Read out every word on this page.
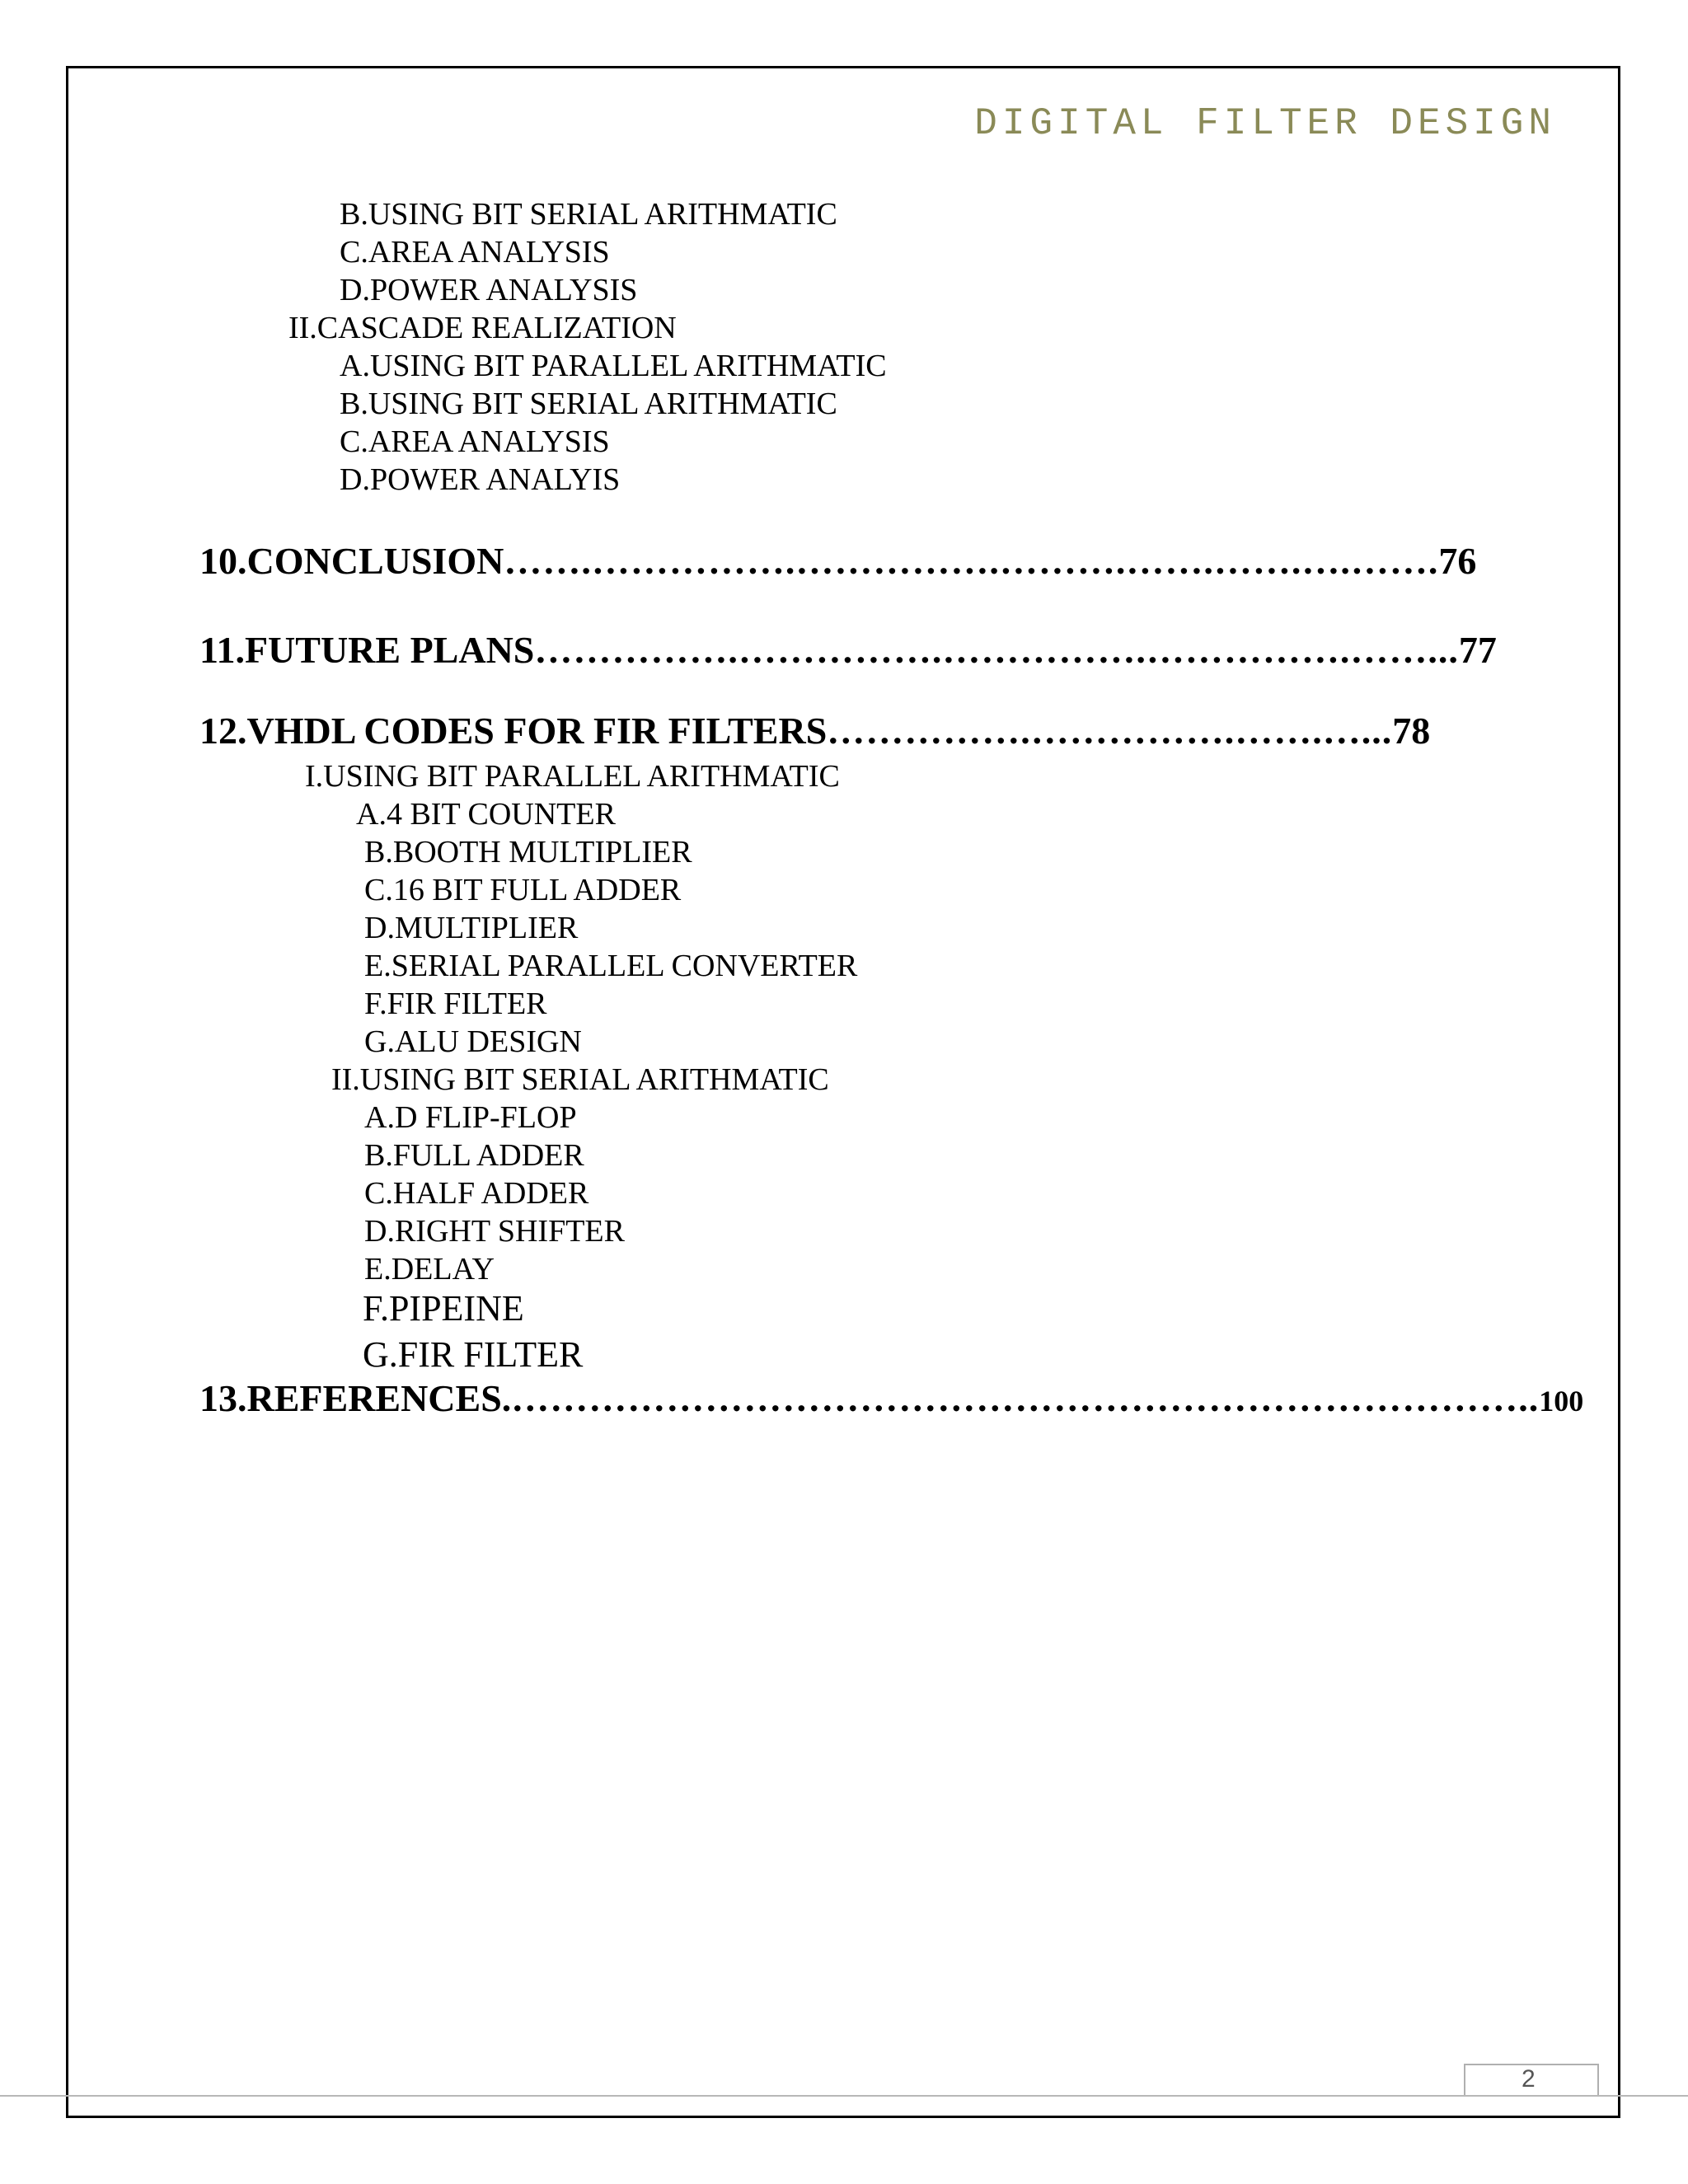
DIGITAL FILTER DESIGN
B.USING BIT SERIAL ARITHMATIC
C.AREA ANALYSIS
D.POWER ANALYSIS
II.CASCADE REALIZATION
A.USING BIT PARALLEL ARITHMATIC
B.USING BIT SERIAL ARITHMATIC
C.AREA ANALYSIS
D.POWER ANALYIS
10.CONCLUSION…….…………….…………….……….…….…….….…….76
11.FUTURE PLANS…………….…………….…………….…………….……...77
12.VHDL CODES FOR FIR FILTERS…………….…………….…….…...78
I.USING BIT PARALLEL ARITHMATIC
A.4 BIT COUNTER
B.BOOTH MULTIPLIER
C.16 BIT FULL ADDER
D.MULTIPLIER
E.SERIAL PARALLEL CONVERTER
F.FIR FILTER
G.ALU DESIGN
II.USING BIT SERIAL ARITHMATIC
A.D FLIP-FLOP
B.FULL ADDER
C.HALF ADDER
D.RIGHT SHIFTER
E.DELAY
F.PIPEINE
G.FIR FILTER
13.REFERENCES.……………………………………………………………………..100
2
